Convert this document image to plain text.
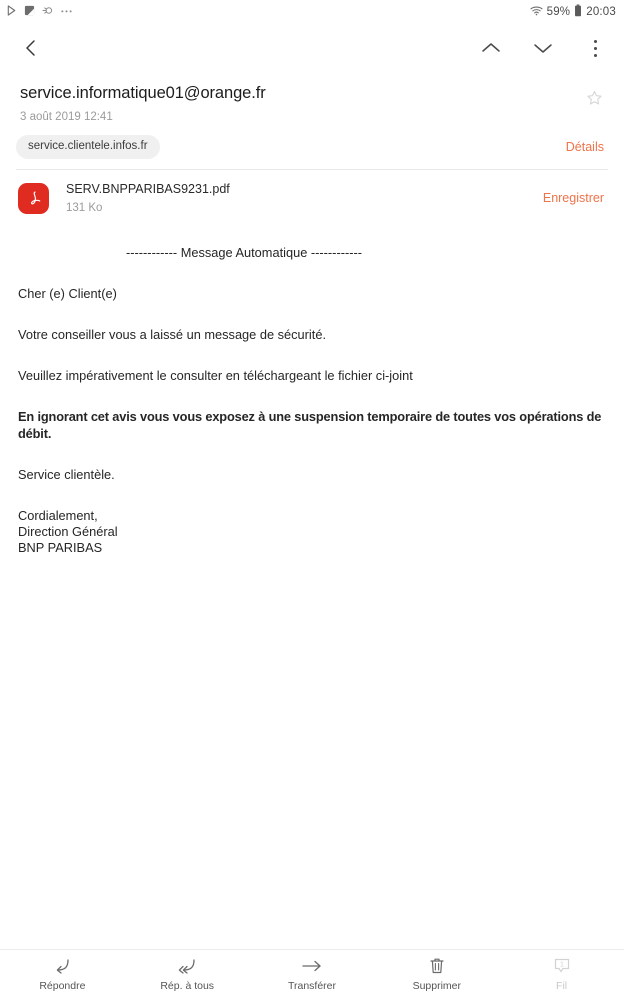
59% 20:03
service.informatique01@orange.fr
3 août 2019 12:41
service.clientele.infos.fr	Détails
SERV.BNPPARIBAS9231.pdf
131 Ko
Enregistrer
------------ Message Automatique ------------
Cher (e) Client(e)
Votre conseiller vous a laissé un message de sécurité.
Veuillez impérativement le consulter en téléchargeant le fichier ci-joint
En ignorant cet avis vous vous exposez à une suspension temporaire de toutes vos opérations de débit.
Service clientèle.
Cordialement,
Direction Général
BNP PARIBAS
Répondre	Rép. à tous	Transférer	Supprimer
1
Fil
